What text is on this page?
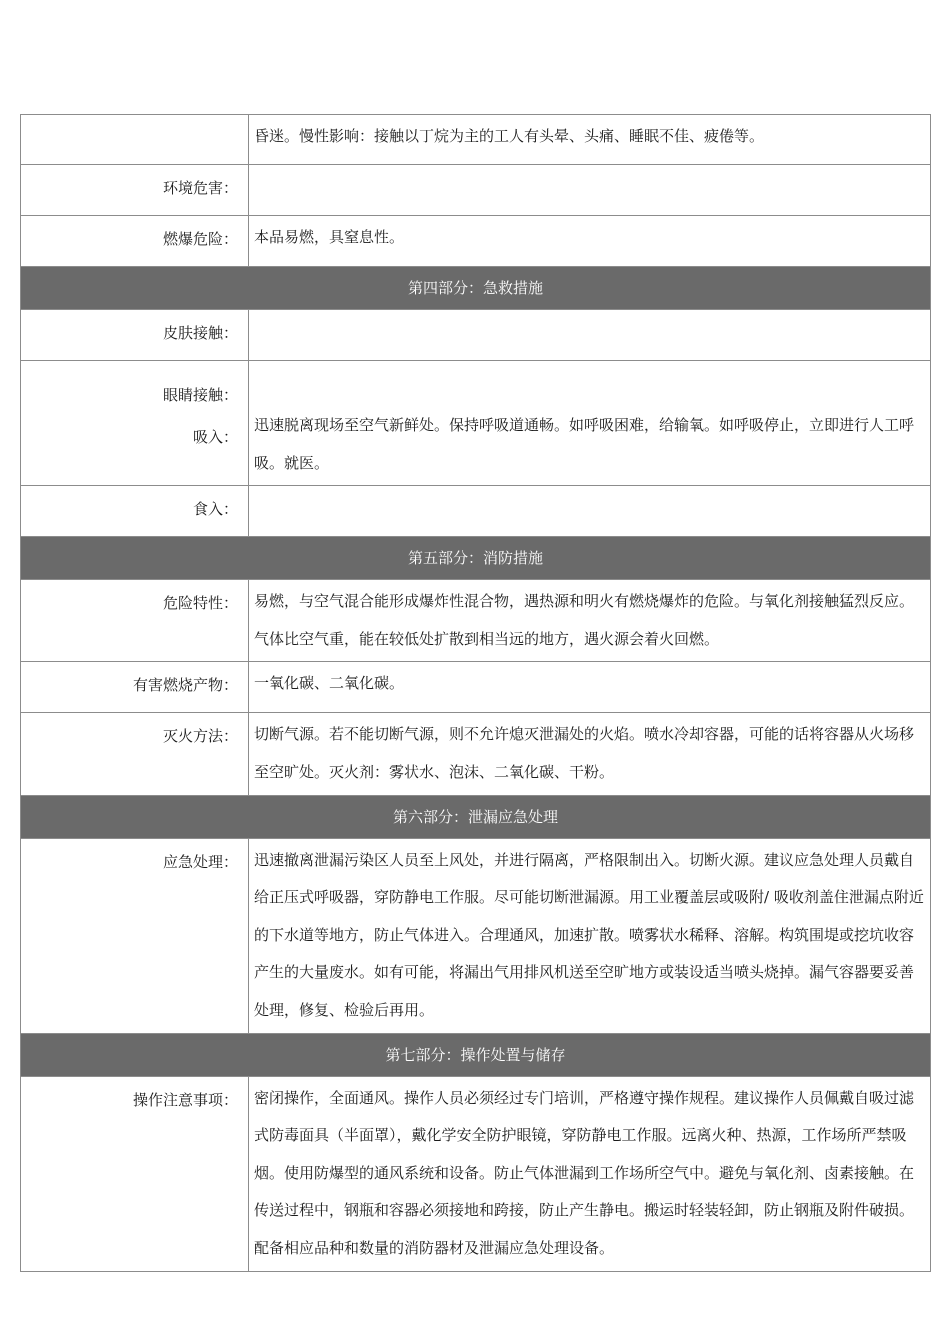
	昏迷。慢性影响：接触以丁烷为主的工人有头晕、头痛、睡眠不佳、疲倦等。

环境危害：	
燃爆危险：	本品易燃，具窒息性。
第四部分：急救措施	
皮肤接触：	

眼睛接触：
吸入：	迅速脱离现场至空气新鲜处。保持呼吸道通畅。如呼吸困难，给输氧。如呼吸停止，立即进行人工呼吸。就医。

食入：	
第五部分：消防措施	
危险特性：	易燃，与空气混合能形成爆炸性混合物，遇热源和明火有燃烧爆炸的危险。与氧化剂接触猛烈反应。气体比空气重，能在较低处扩散到相当远的地方，遇火源会着火回燃。

有害燃烧产物：	一氧化碳、二氧化碳。
灭火方法：	切断气源。若不能切断气源，则不允许熄灭泄漏处的火焰。喷水冷却容器，可能的话将容器从火场移至空旷处。灭火剂：雾状水、泡沫、二氧化碳、干粉。

第六部分：泄漏应急处理	
应急处理：	迅速撤离泄漏污染区人员至上风处，并进行隔离，严格限制出入。切断火源。建议应急处理人员戴自给正压式呼吸器，穿防静电工作服。尽可能切断泄漏源。用工业覆盖层或吸附/ 吸收剂盖住泄漏点附近的下水道等地方，防止气体进入。合理通风，加速扩散。喷雾状水稀释、溶解。构筑围堤或挖坑收容产生的大量废水。如有可能，将漏出气用排风机送至空旷地方或装设适当喷头烧掉。漏气容器要妥善处理，修复、检验后再用。

第七部分：操作处置与储存	
操作注意事项：	密闭操作，全面通风。操作人员必须经过专门培训，严格遵守操作规程。建议操作人员佩戴自吸过滤式防毒面具（半面罩），戴化学安全防护眼镜，穿防静电工作服。远离火种、热源，工作场所严禁吸烟。使用防爆型的通风系统和设备。防止气体泄漏到工作场所空气中。避免与氧化剂、卤素接触。在传送过程中，钢瓶和容器必须接地和跨接，防止产生静电。搬运时轻装轻卸，防止钢瓶及附件破损。配备相应品种和数量的消防器材及泄漏应急处理设备。
